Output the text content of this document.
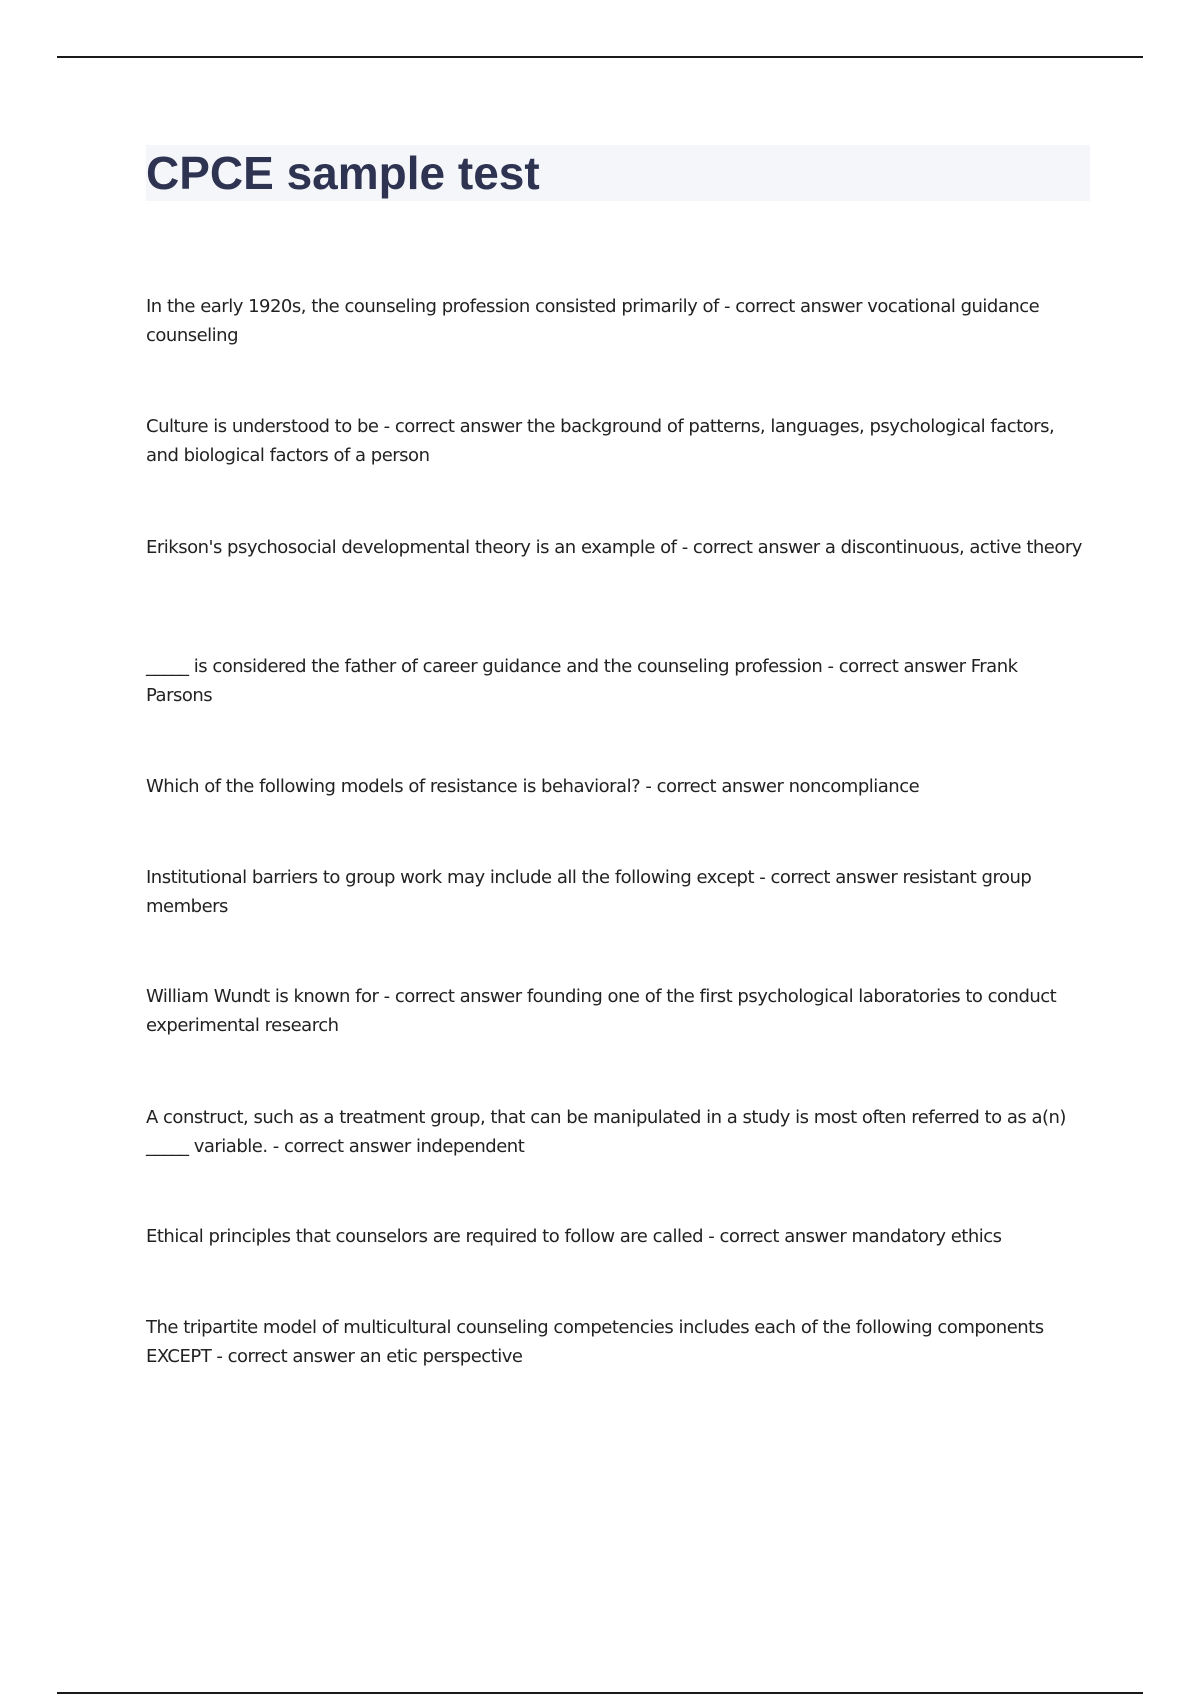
CPCE sample test

In the early 1920s, the counseling profession consisted primarily of - correct answer vocational guidance counseling

Culture is understood to be - correct answer the background of patterns, languages, psychological factors, and biological factors of a person

Erikson's psychosocial developmental theory is an example of - correct answer a discontinuous, active theory

_____ is considered the father of career guidance and the counseling profession - correct answer Frank Parsons

Which of the following models of resistance is behavioral? - correct answer noncompliance

Institutional barriers to group work may include all the following except - correct answer resistant group members

William Wundt is known for - correct answer founding one of the first psychological laboratories to conduct experimental research

A construct, such as a treatment group, that can be manipulated in a study is most often referred to as a(n) _____ variable. - correct answer independent

Ethical principles that counselors are required to follow are called - correct answer mandatory ethics

The tripartite model of multicultural counseling competencies includes each of the following components EXCEPT - correct answer an etic perspective
